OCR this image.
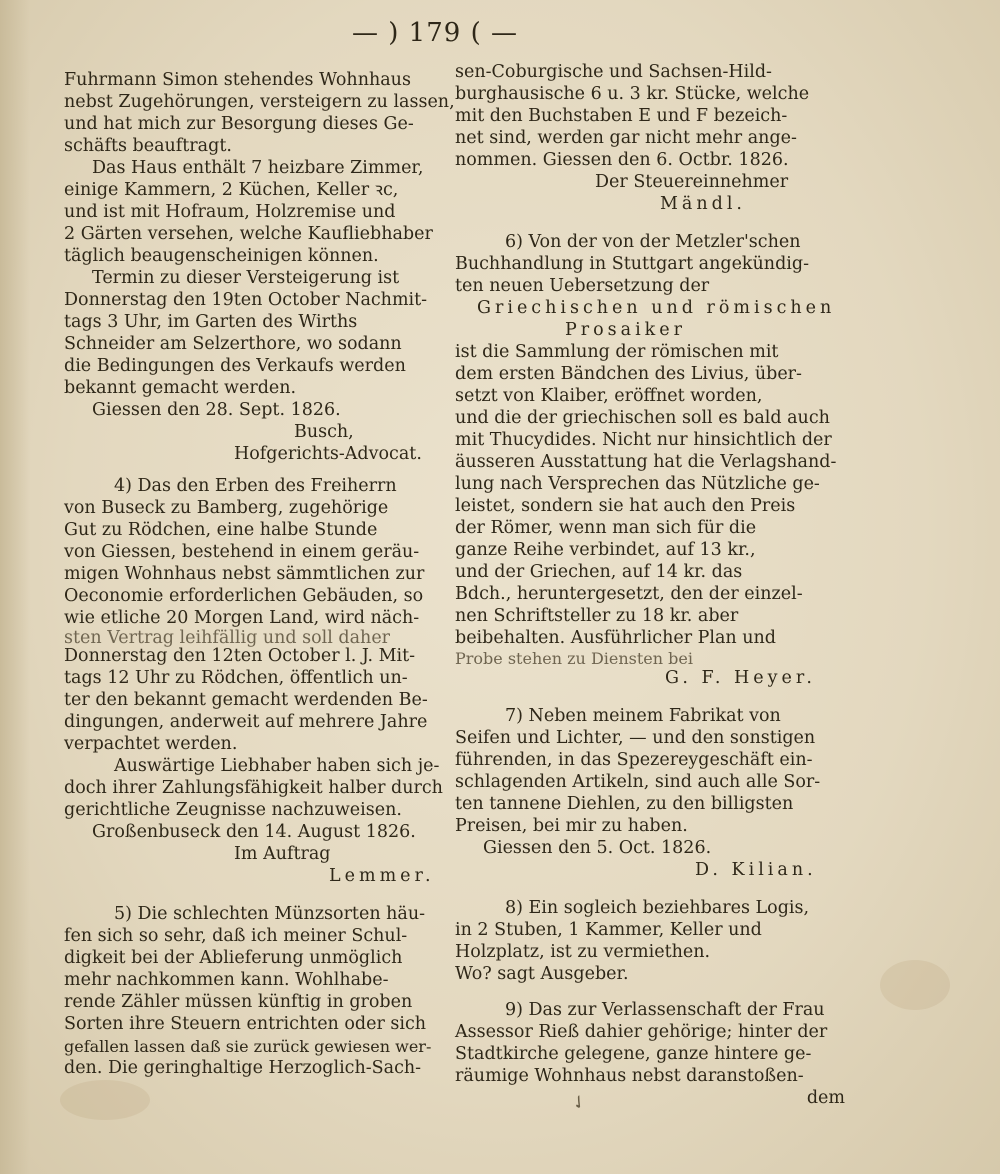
— ) 179 ( —
Fuhrmann Simon stehendes Wohnhaus
nebst Zugehörungen, versteigern zu lassen,
und hat mich zur Besorgung dieses Ge-
schäfts beauftragt.
Das Haus enthält 7 heizbare Zimmer,
einige Kammern, 2 Küchen, Keller ꝛc,
und ist mit Hofraum, Holzremise und
2 Gärten versehen, welche Kaufliebhaber
täglich beaugenscheinigen können.
Termin zu dieser Versteigerung ist
Donnerstag den 19ten October Nachmit-
tags 3 Uhr, im Garten des Wirths
Schneider am Selzerthore, wo sodann
die Bedingungen des Verkaufs werden
bekannt gemacht werden.
Giessen den 28. Sept. 1826.
Busch,
Hofgerichts-Advocat.
4) Das den Erben des Freiherrn
von Buseck zu Bamberg, zugehörige
Gut zu Rödchen, eine halbe Stunde
von Giessen, bestehend in einem geräu-
migen Wohnhaus nebst sämmtlichen zur
Oeconomie erforderlichen Gebäuden, so
wie etliche 20 Morgen Land, wird näch-
sten Vertrag leihfällig und soll daher
Donnerstag den 12ten October l. J. Mit-
tags 12 Uhr zu Rödchen, öffentlich un-
ter den bekannt gemacht werdenden Be-
dingungen, anderweit auf mehrere Jahre
verpachtet werden.
Auswärtige Liebhaber haben sich je-
doch ihrer Zahlungsfähigkeit halber durch
gerichtliche Zeugnisse nachzuweisen.
Großenbuseck den 14. August 1826.
Im Auftrag
Lemmer.
5) Die schlechten Münzsorten häu-
fen sich so sehr, daß ich meiner Schul-
digkeit bei der Ablieferung unmöglich
mehr nachkommen kann. Wohlhabe-
rende Zähler müssen künftig in groben
Sorten ihre Steuern entrichten oder sich
gefallen lassen daß sie zurück gewiesen wer-
den. Die geringhaltige Herzoglich-Sach-
sen-Coburgische und Sachsen-Hild-
burghausische 6 u. 3 kr. Stücke, welche
mit den Buchstaben E und F bezeich-
net sind, werden gar nicht mehr ange-
nommen. Giessen den 6. Octbr. 1826.
Der Steuereinnehmer
Mändl.
6) Von der von der Metzler'schen
Buchhandlung in Stuttgart angekündig-
ten neuen Uebersetzung der
Griechischen und römischen
Prosaiker
ist die Sammlung der römischen mit
dem ersten Bändchen des Livius, über-
setzt von Klaiber, eröffnet worden,
und die der griechischen soll es bald auch
mit Thucydides. Nicht nur hinsichtlich der
äusseren Ausstattung hat die Verlagshand-
lung nach Versprechen das Nützliche ge-
leistet, sondern sie hat auch den Preis
der Römer, wenn man sich für die
ganze Reihe verbindet, auf 13 kr.,
und der Griechen, auf 14 kr. das
Bdch., heruntergesetzt, den der einzel-
nen Schriftsteller zu 18 kr. aber
beibehalten. Ausführlicher Plan und
Probe stehen zu Diensten bei
G. F. Heyer.
7) Neben meinem Fabrikat von
Seifen und Lichter, — und den sonstigen
führenden, in das Spezereygeschäft ein-
schlagenden Artikeln, sind auch alle Sor-
ten tannene Diehlen, zu den billigsten
Preisen, bei mir zu haben.
Giessen den 5. Oct. 1826.
D. Kilian.
8) Ein sogleich beziehbares Logis,
in 2 Stuben, 1 Kammer, Keller und
Holzplatz, ist zu vermiethen.
Wo? sagt Ausgeber.
9) Das zur Verlassenschaft der Frau
Assessor Rieß dahier gehörige; hinter der
Stadtkirche gelegene, ganze hintere ge-
räumige Wohnhaus nebst daranstoßen-
dem
✓
